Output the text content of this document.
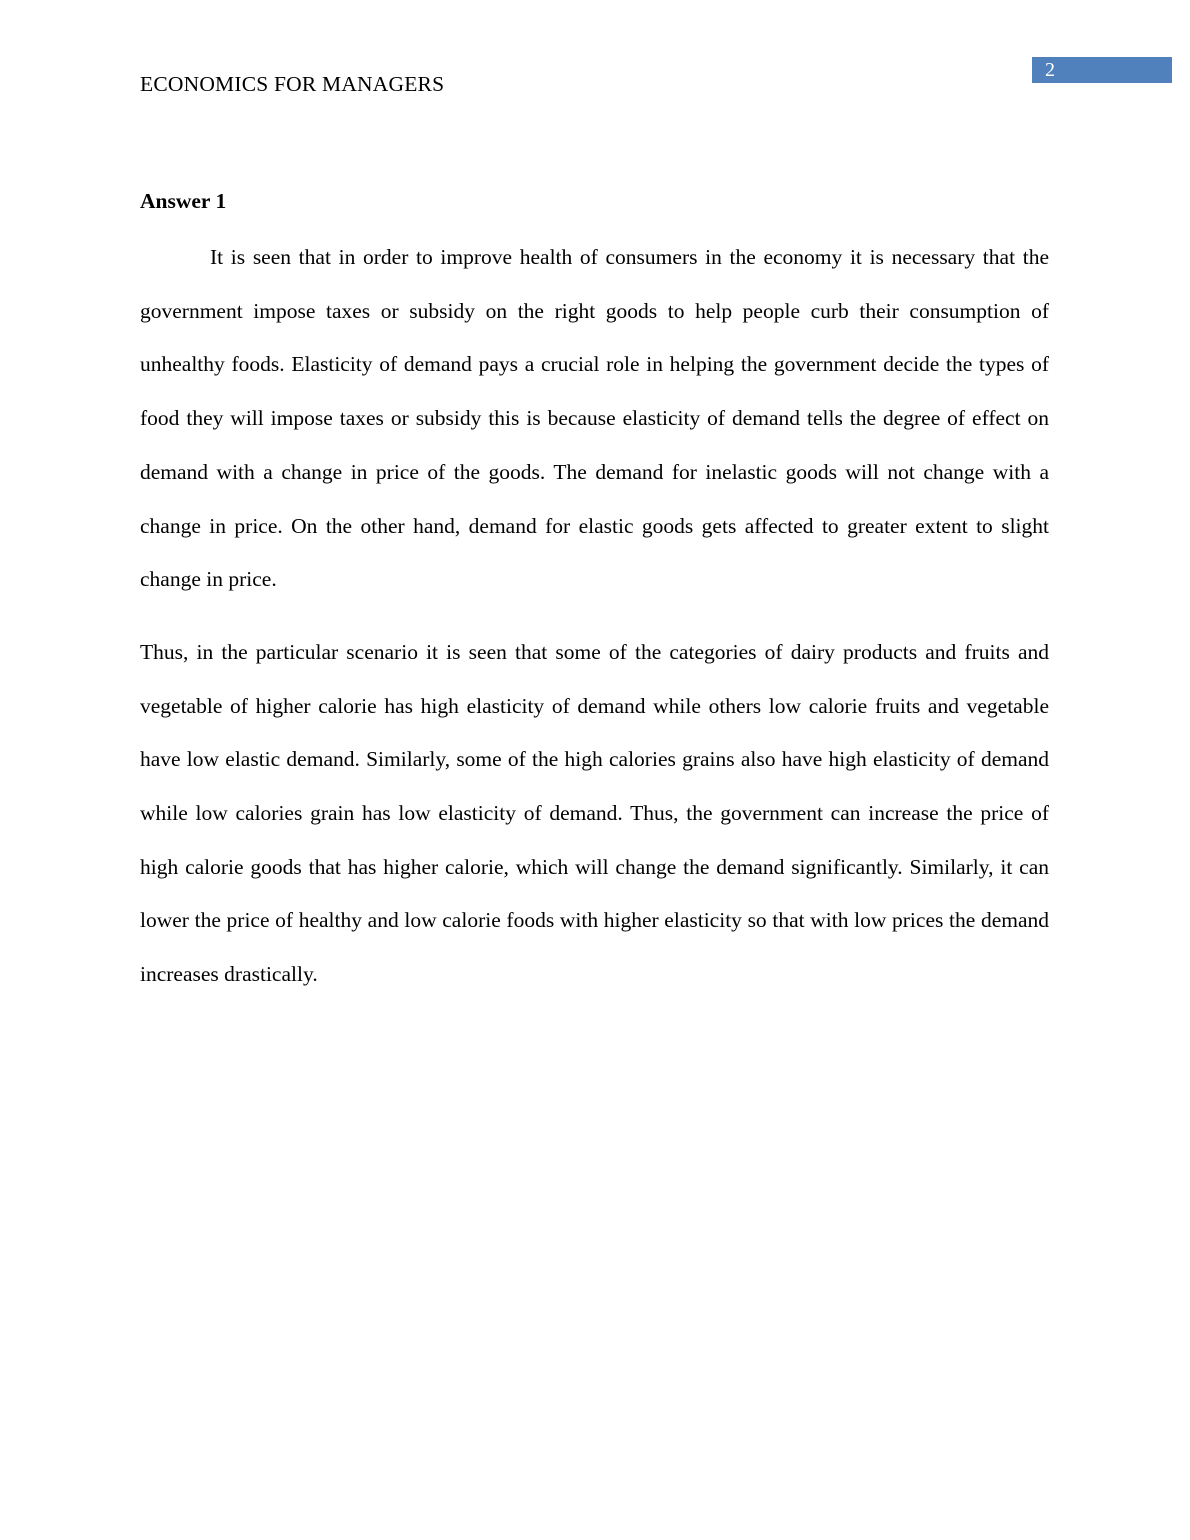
ECONOMICS FOR MANAGERS
2
Answer 1

It is seen that in order to improve health of consumers in the economy it is necessary that the government impose taxes or subsidy on the right goods to help people curb their consumption of unhealthy foods. Elasticity of demand pays a crucial role in helping the government decide the types of food they will impose taxes or subsidy this is because elasticity of demand tells the degree of effect on demand with a change in price of the goods. The demand for inelastic goods will not change with a change in price. On the other hand, demand for elastic goods gets affected to greater extent to slight change in price.

Thus, in the particular scenario it is seen that some of the categories of dairy products and fruits and vegetable of higher calorie has high elasticity of demand while others low calorie fruits and vegetable have low elastic demand. Similarly, some of the high calories grains also have high elasticity of demand while low calories grain has low elasticity of demand. Thus, the government can increase the price of high calorie goods that has higher calorie, which will change the demand significantly. Similarly, it can lower the price of healthy and low calorie foods with higher elasticity so that with low prices the demand increases drastically.
